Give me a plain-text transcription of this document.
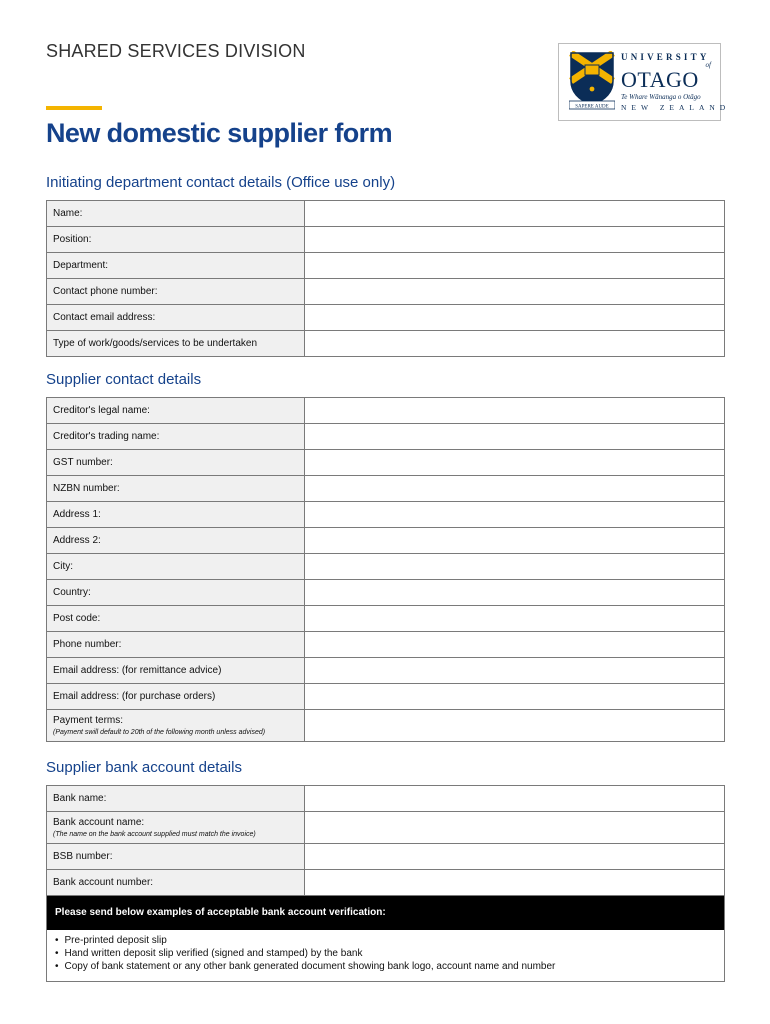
SHARED SERVICES DIVISION
SAPERE AUDE
UNIVERSITY
of
OTAGO
Te Whare Wānanga o Otāgo
NEW ZEALAND
New domestic supplier form
Initiating department contact details (Office use only)
Name:	

Position:	

Department:	

Contact phone number:	

Contact email address:	

Type of work/goods/services to be undertaken	

Supplier contact details
Creditor's legal name:	

Creditor's trading name:	

GST number:	

NZBN number:	

Address 1:	

Address 2:	

City:	

Country:	

Post code:	

Phone number:	

Email address: (for remittance advice)	

Email address: (for purchase orders)	

Payment terms:
(Payment swill default to 20th of the following month unless advised)	

Supplier bank account details
Bank name:	

Bank account name:
(The name on the bank account supplied must match the invoice)	

BSB number:	

Bank account number:	

Please send below examples of acceptable bank account verification:
• Pre-printed deposit slip
• Hand written deposit slip verified (signed and stamped) by the bank
• Copy of bank statement or any other bank generated document showing bank logo, account name and number
